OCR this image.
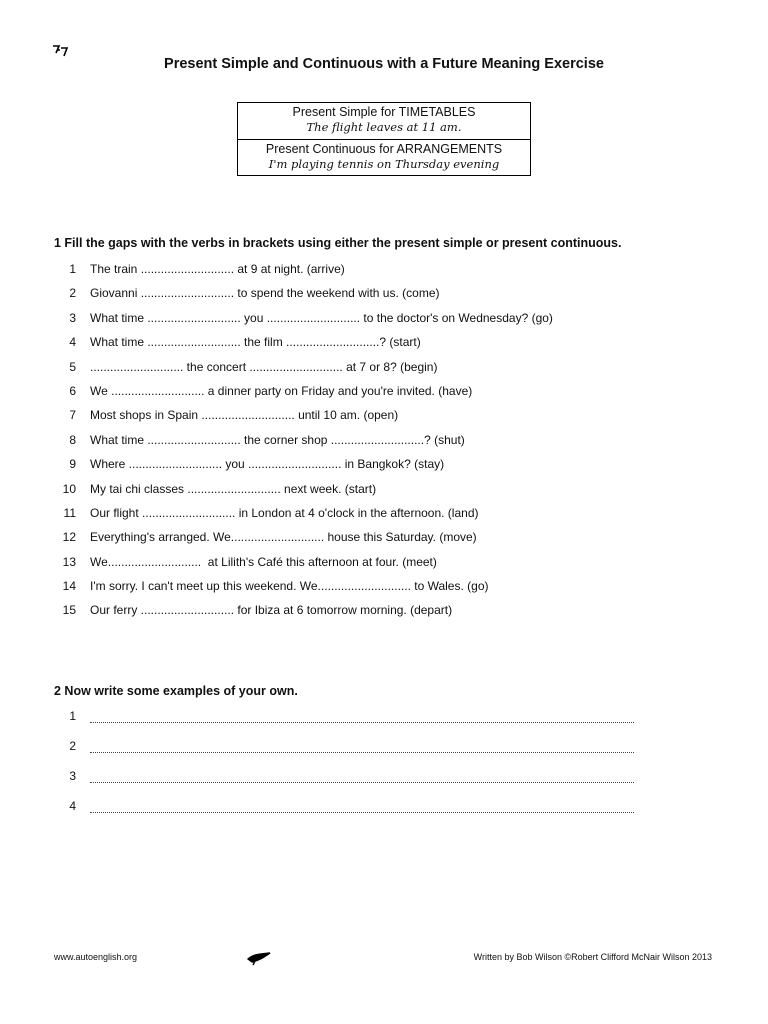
Present Simple and Continuous with a Future Meaning Exercise
Present Simple for TIMETABLES
The flight leaves at 11 am.
Present Continuous for ARRANGEMENTS
I'm playing tennis on Thursday evening
1 Fill the gaps with the verbs in brackets using either the present simple or present continuous.
1 The train ............................ at 9 at night. (arrive)
2 Giovanni ............................ to spend the weekend with us. (come)
3 What time ............................ you ............................ to the doctor's on Wednesday? (go)
4 What time ............................ the film ............................? (start)
5 ............................ the concert ............................ at 7 or 8? (begin)
6 We ............................ a dinner party on Friday and you're invited. (have)
7 Most shops in Spain ............................ until 10 am. (open)
8 What time ............................ the corner shop ............................? (shut)
9 Where ............................ you ............................ in Bangkok? (stay)
10 My tai chi classes ............................ next week. (start)
11 Our flight ............................ in London at 4 o'clock in the afternoon. (land)
12 Everything's arranged. We............................ house this Saturday. (move)
13 We............................  at Lilith's Café this afternoon at four. (meet)
14 I'm sorry. I can't meet up this weekend. We............................ to Wales. (go)
15 Our ferry ............................ for Ibiza at 6 tomorrow morning. (depart)
2 Now write some examples of your own.
1
2
3
4
www.autoenglish.org	Written by Bob Wilson ©Robert Clifford McNair Wilson 2013
